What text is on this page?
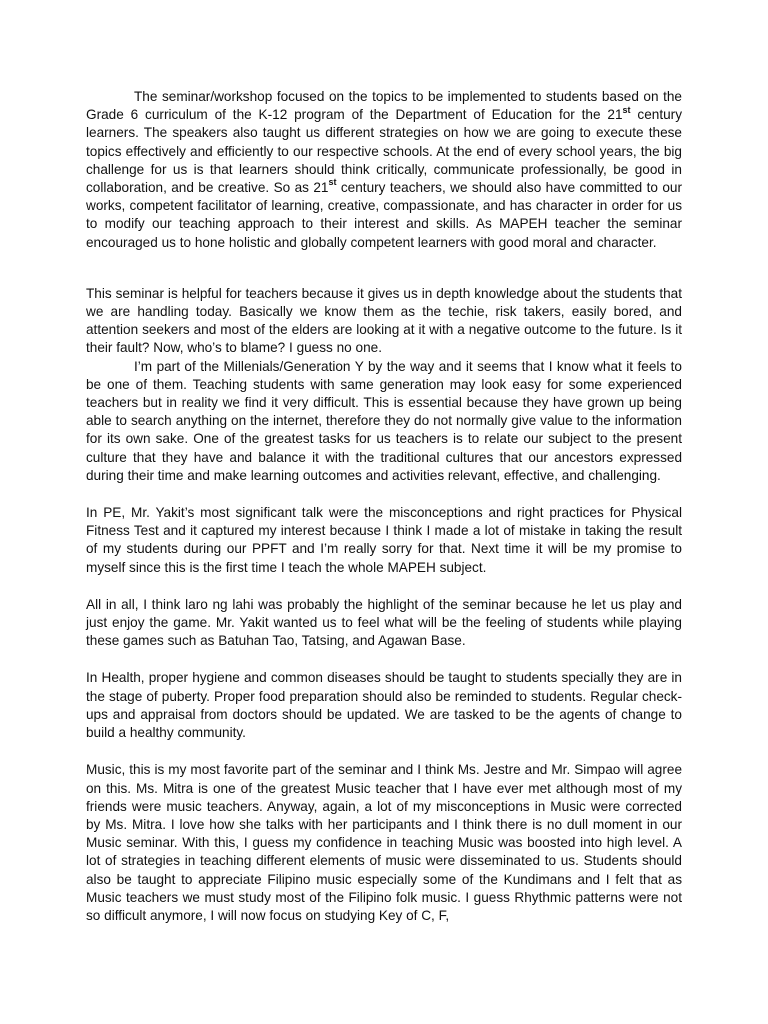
The seminar/workshop focused on the topics to be implemented to students based on the Grade 6 curriculum of the K-12 program of the Department of Education for the 21st century learners. The speakers also taught us different strategies on how we are going to execute these topics effectively and efficiently to our respective schools. At the end of every school years, the big challenge for us is that learners should think critically, communicate professionally, be good in collaboration, and be creative. So as 21st century teachers, we should also have committed to our works, competent facilitator of learning, creative, compassionate, and has character in order for us to modify our teaching approach to their interest and skills. As MAPEH teacher the seminar encouraged us to hone holistic and globally competent learners with good moral and character.

This seminar is helpful for teachers because it gives us in depth knowledge about the students that we are handling today. Basically we know them as the techie, risk takers, easily bored, and attention seekers and most of the elders are looking at it with a negative outcome to the future. Is it their fault? Now, who’s to blame? I guess no one.

I’m part of the Millenials/Generation Y by the way and it seems that I know what it feels to be one of them. Teaching students with same generation may look easy for some experienced teachers but in reality we find it very difficult. This is essential because they have grown up being able to search anything on the internet, therefore they do not normally give value to the information for its own sake. One of the greatest tasks for us teachers is to relate our subject to the present culture that they have and balance it with the traditional cultures that our ancestors expressed during their time and make learning outcomes and activities relevant, effective, and challenging.

In PE, Mr. Yakit’s most significant talk were the misconceptions and right practices for Physical Fitness Test and it captured my interest because I think I made a lot of mistake in taking the result of my students during our PPFT and I’m really sorry for that. Next time it will be my promise to myself since this is the first time I teach the whole MAPEH subject.

All in all, I think laro ng lahi was probably the highlight of the seminar because he let us play and just enjoy the game. Mr. Yakit wanted us to feel what will be the feeling of students while playing these games such as Batuhan Tao, Tatsing, and Agawan Base.

In Health, proper hygiene and common diseases should be taught to students specially they are in the stage of puberty. Proper food preparation should also be reminded to students. Regular check-ups and appraisal from doctors should be updated. We are tasked to be the agents of change to build a healthy community.

Music, this is my most favorite part of the seminar and I think Ms. Jestre and Mr. Simpao will agree on this. Ms. Mitra is one of the greatest Music teacher that I have ever met although most of my friends were music teachers. Anyway, again, a lot of my misconceptions in Music were corrected by Ms. Mitra. I love how she talks with her participants and I think there is no dull moment in our Music seminar. With this, I guess my confidence in teaching Music was boosted into high level. A lot of strategies in teaching different elements of music were disseminated to us. Students should also be taught to appreciate Filipino music especially some of the Kundimans and I felt that as Music teachers we must study most of the Filipino folk music. I guess Rhythmic patterns were not so difficult anymore, I will now focus on studying Key of C, F,
